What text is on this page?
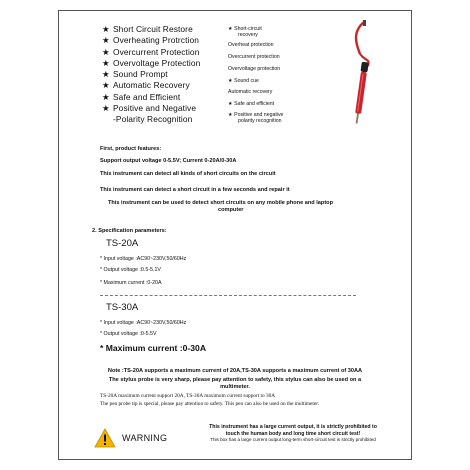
★ Short Circuit Restore
★ Overheating Protrction
★ Overcurrent Protection
★ Overvoltage Protection
★ Sound Prompt
★ Automatic Recovery
★ Safe and Efficient
★ Positive and Negative
-Polarity Recognition
★ Short-circuit
recovery
Overheat protection
Overcurrent protection
Overvoltage protection
★ Sound cue
Automatic recovery
★ Safe and efficient
★ Positive and negative
polarity recognition
First, product features:
Support output voltage 0-5.5V; Current 0-20A/0-30A
This instrument can detect all kinds of short circuits on the circuit
This instrument can detect a short circuit in a few seconds and repair it
This instrument can be used to detect short circuits on any mobile phone and laptop
computer
2. Specification parameters:
TS-20A
* Input voltage :AC90~230V,50/60Hz
* Output voltage :0.5-5.1V
* Maximum current :0-20A
TS-30A
* Input voltage :AC90~230V,50/60Hz
* Output voltage :0-5.5V
* Maximum current :0-30A
Note :TS-20A supports a maximum current of 20A,TS-30A supports a maximum current of 30AA
The stylus probe is very sharp, please pay attention to safety, this stylus can also be used on a
multimeter.
TS-20A maximum current support 20A, TS-30A maximum current support to 30A
The pen probe tip is special, please pay attention to safety. This pen can also be used on the multimeter.
WARNING
This instrument has a large current output, it is strictly prohibited to
touch the human body and long time short circuit test!
This box has a large current output long-term short-circuit test is strictly prohibited
